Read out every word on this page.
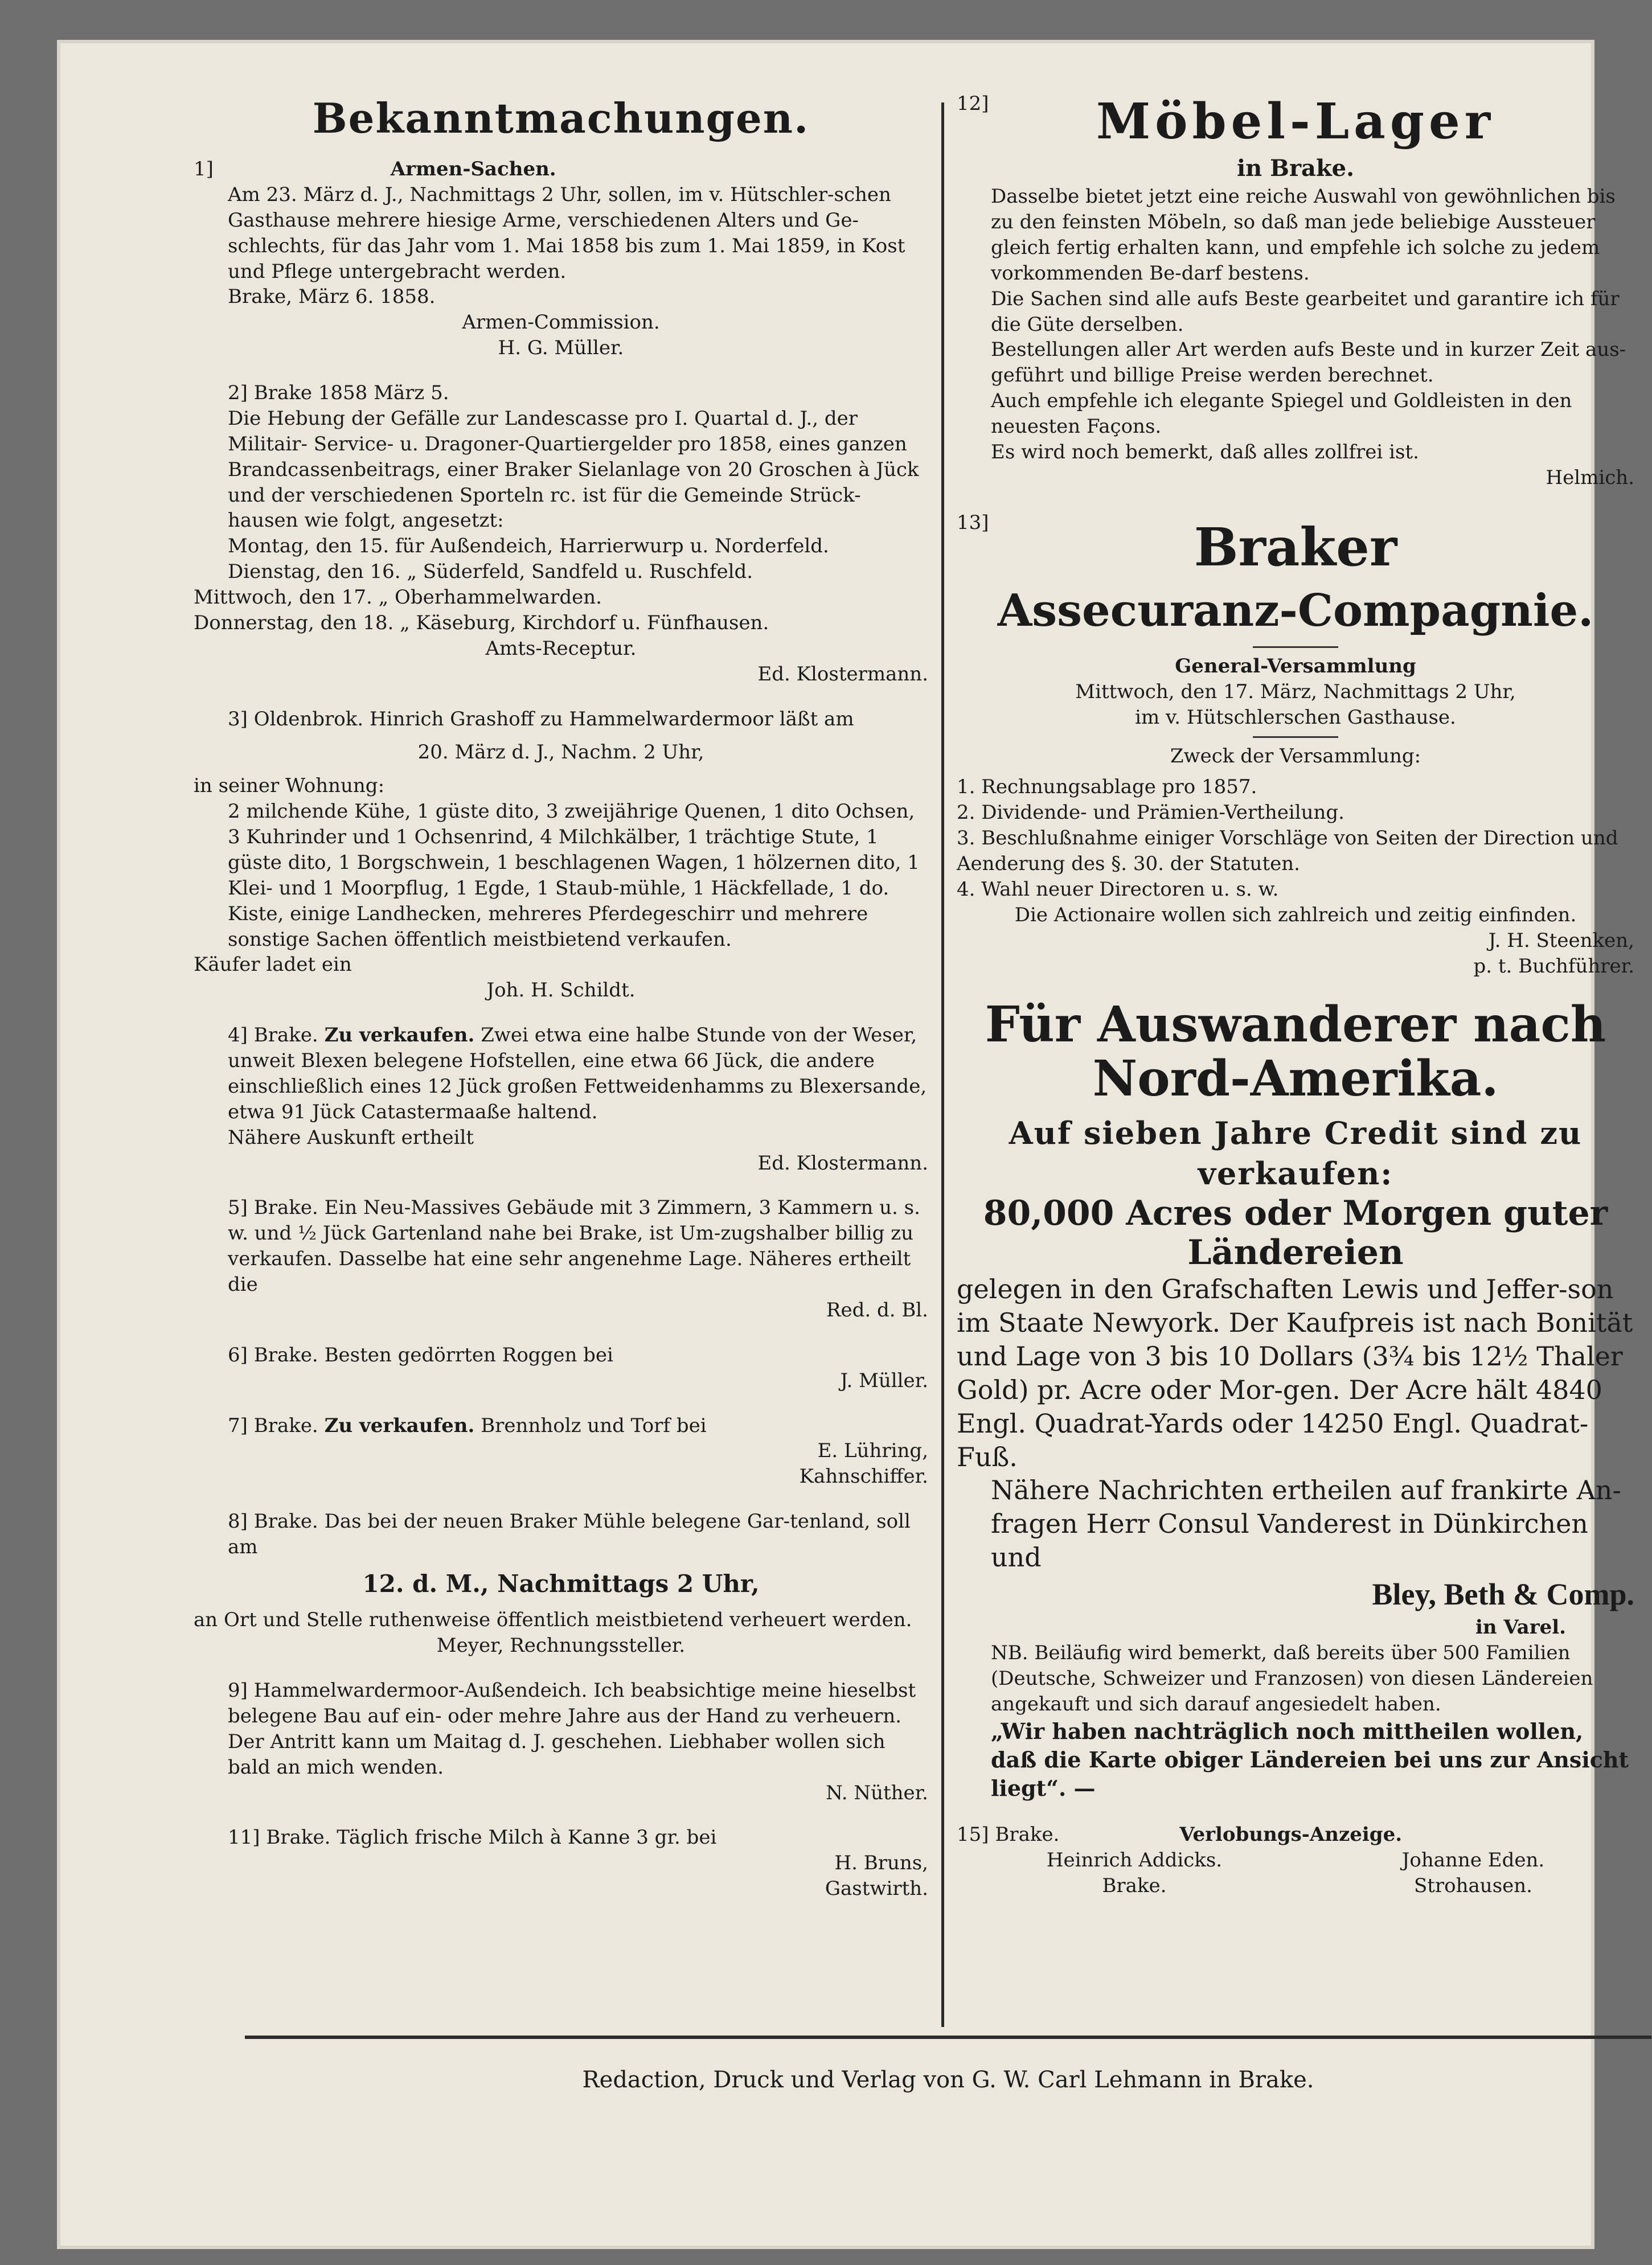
Bekanntmachungen.

1]	Armen-Sachen.

Am 23. März d. J., Nachmittags 2 Uhr, sollen, im v. Hütschler-schen Gasthause mehrere hiesige Arme, verschiedenen Alters und Ge-schlechts, für das Jahr vom 1. Mai 1858 bis zum 1. Mai 1859, in Kost und Pflege untergebracht werden.

Brake, März 6. 1858.

Armen-Commission.

H. G. Müller.

2] Brake 1858 März 5.

Die Hebung der Gefälle zur Landescasse pro I. Quartal d. J., der Militair- Service- u. Dragoner-Quartiergelder pro 1858, eines ganzen Brandcassenbeitrags, einer Braker Sielanlage von 20 Groschen à Jück und der verschiedenen Sporteln rc. ist für die Gemeinde Strück-hausen wie folgt, angesetzt:

Montag, den 15. für Außendeich, Harrierwurp u. Norderfeld.

Dienstag, den 16. „ Süderfeld, Sandfeld u. Ruschfeld.

Mittwoch, den 17. „ Oberhammelwarden.

Donnerstag, den 18. „ Käseburg, Kirchdorf u. Fünfhausen.

Amts-Receptur.

Ed. Klostermann.

3] Oldenbrok. Hinrich Grashoff zu Hammelwardermoor läßt am

20. März d. J., Nachm. 2 Uhr,

in seiner Wohnung:

2 milchende Kühe, 1 güste dito, 3 zweijährige Quenen, 1 dito Ochsen, 3 Kuhrinder und 1 Ochsenrind, 4 Milchkälber, 1 trächtige Stute, 1 güste dito, 1 Borgschwein, 1 beschlagenen Wagen, 1 hölzernen dito, 1 Klei- und 1 Moorpflug, 1 Egde, 1 Staub-mühle, 1 Häckfellade, 1 do. Kiste, einige Landhecken, mehreres Pferdegeschirr und mehrere sonstige Sachen öffentlich meistbietend verkaufen.

Käufer ladet ein

Joh. H. Schildt.

4] Brake. Zu verkaufen. Zwei etwa eine halbe Stunde von der Weser, unweit Blexen belegene Hofstellen, eine etwa 66 Jück, die andere einschließlich eines 12 Jück großen Fettweidenhamms zu Blexersande, etwa 91 Jück Catastermaaße haltend.

Nähere Auskunft ertheilt

Ed. Klostermann.

5] Brake. Ein Neu-Massives Gebäude mit 3 Zimmern, 3 Kammern u. s. w. und ½ Jück Gartenland nahe bei Brake, ist Um-zugshalber billig zu verkaufen. Dasselbe hat eine sehr angenehme Lage. Näheres ertheilt die

Red. d. Bl.

6] Brake. Besten gedörrten Roggen bei

J. Müller.

7] Brake. Zu verkaufen. Brennholz und Torf bei

E. Lühring,

Kahnschiffer.

8] Brake. Das bei der neuen Braker Mühle belegene Gar-tenland, soll am

12. d. M., Nachmittags 2 Uhr,

an Ort und Stelle ruthenweise öffentlich meistbietend verheuert werden.

Meyer, Rechnungssteller.

9] Hammelwardermoor-Außendeich. Ich beabsichtige meine hieselbst belegene Bau auf ein- oder mehre Jahre aus der Hand zu verheuern. Der Antritt kann um Maitag d. J. geschehen. Liebhaber wollen sich bald an mich wenden.

N. Nüther.

11] Brake. Täglich frische Milch à Kanne 3 gr. bei

H. Bruns,

Gastwirth.

12]	Möbel-Lager

in Brake.

Dasselbe bietet jetzt eine reiche Auswahl von gewöhnlichen bis zu den feinsten Möbeln, so daß man jede beliebige Aussteuer gleich fertig erhalten kann, und empfehle ich solche zu jedem vorkommenden Be-darf bestens.

Die Sachen sind alle aufs Beste gearbeitet und garantire ich für die Güte derselben.

Bestellungen aller Art werden aufs Beste und in kurzer Zeit aus-geführt und billige Preise werden berechnet.

Auch empfehle ich elegante Spiegel und Goldleisten in den neuesten Façons.

Es wird noch bemerkt, daß alles zollfrei ist.

Helmich.

13]	Braker

Assecuranz-Compagnie.

General-Versammlung

Mittwoch, den 17. März, Nachmittags 2 Uhr,

im v. Hütschlerschen Gasthause.

Zweck der Versammlung:

1. Rechnungsablage pro 1857.

2. Dividende- und Prämien-Vertheilung.

3. Beschlußnahme einiger Vorschläge von Seiten der Direction und Aenderung des §. 30. der Statuten.

4. Wahl neuer Directoren u. s. w.

Die Actionaire wollen sich zahlreich und zeitig einfinden.

J. H. Steenken,

p. t. Buchführer.

Für Auswanderer nach Nord-Amerika.

Auf sieben Jahre Credit sind zu verkaufen:

80,000 Acres oder Morgen guter Ländereien

gelegen in den Grafschaften Lewis und Jeffer-son im Staate Newyork. Der Kaufpreis ist nach Bonität und Lage von 3 bis 10 Dollars (3¾ bis 12½ Thaler Gold) pr. Acre oder Mor-gen. Der Acre hält 4840 Engl. Quadrat-Yards oder 14250 Engl. Quadrat-Fuß.

Nähere Nachrichten ertheilen auf frankirte An-fragen Herr Consul Vanderest in Dünkirchen und

Bley, Beth & Comp.

in Varel.

NB. Beiläufig wird bemerkt, daß bereits über 500 Familien (Deutsche, Schweizer und Franzosen) von diesen Ländereien angekauft und sich darauf angesiedelt haben.

„Wir haben nachträglich noch mittheilen wollen, daß die Karte obiger Ländereien bei uns zur Ansicht liegt“. —

15] Brake.	Verlobungs-Anzeige.

Heinrich Addicks.

Brake.

Johanne Eden.

Strohausen.

Redaction, Druck und Verlag von G. W. Carl Lehmann in Brake.
